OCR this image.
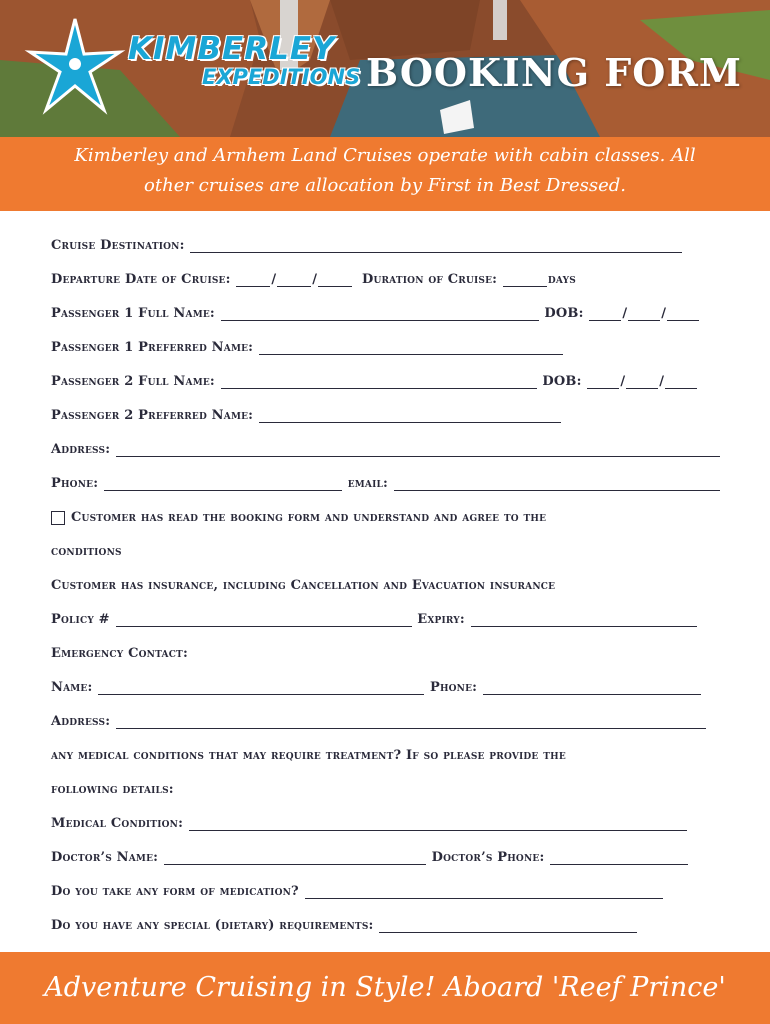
KIMBERLEY
EXPEDITIONS BOOKING FORM
Kimberley and Arnhem Land Cruises operate with cabin classes. All
other cruises are allocation by First in Best Dressed.
Cruise Destination:
Departure Date of Cruise:	/	/	Duration of Cruise:	days
Passenger 1 Full Name:	DOB:	/	/
Passenger 1 Preferred Name:
Passenger 2 Full Name:	DOB:	/	/
Passenger 2 Preferred Name:
Address:
Phone:	email:
Customer has read the booking form and understand and agree to the
conditions
Customer has insurance, including Cancellation and Evacuation insurance
Policy #	Expiry:
Emergency Contact:
Name:	Phone:
Address:
any medical conditions that may require treatment? If so please provide the
following details:
Medical Condition:
Doctor’s Name:	Doctor’s Phone:
Do you take any form of medication?
Do you have any special (dietary) requirements:
Adventure Cruising in Style! Aboard 'Reef Prince'
